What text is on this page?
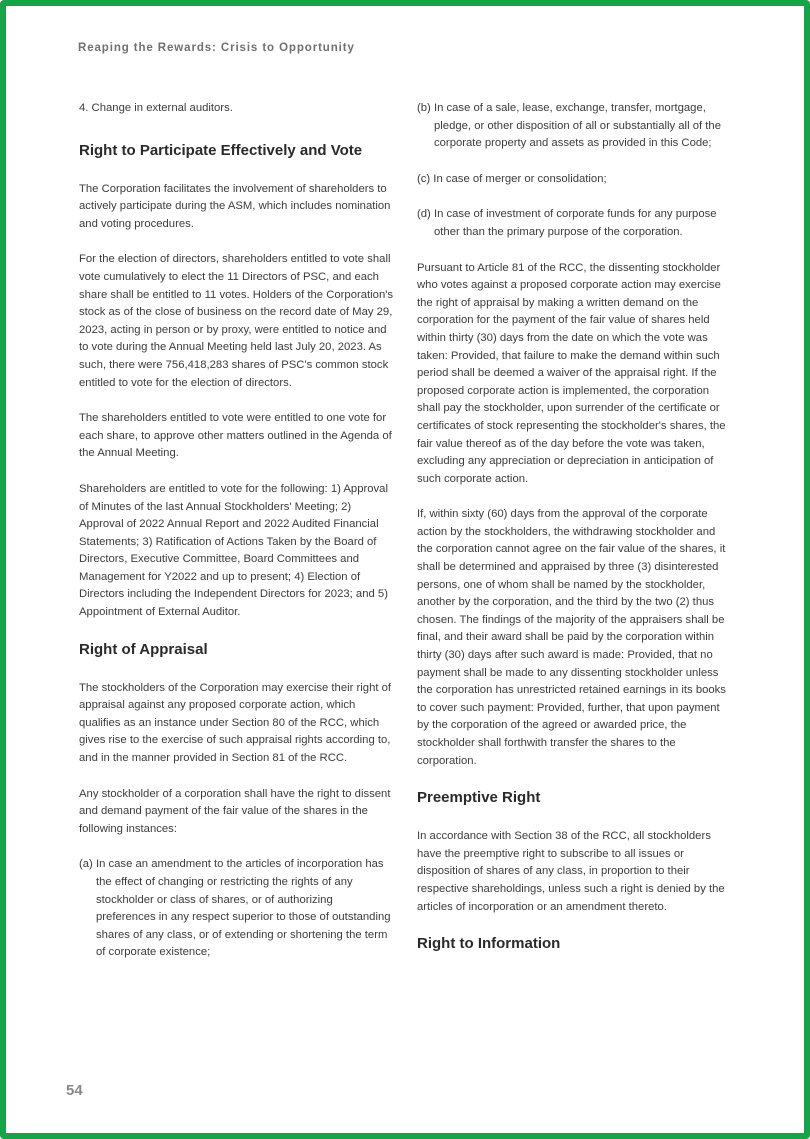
Reaping the Rewards: Crisis to Opportunity

4. Change in external auditors.

Right to Participate Effectively and Vote

The Corporation facilitates the involvement of shareholders to actively participate during the ASM, which includes nomination and voting procedures.

For the election of directors, shareholders entitled to vote shall vote cumulatively to elect the 11 Directors of PSC, and each share shall be entitled to 11 votes. Holders of the Corporation's stock as of the close of business on the record date of May 29, 2023, acting in person or by proxy, were entitled to notice and to vote during the Annual Meeting held last July 20, 2023. As such, there were 756,418,283 shares of PSC's common stock entitled to vote for the election of directors.

The shareholders entitled to vote were entitled to one vote for each share, to approve other matters outlined in the Agenda of the Annual Meeting.

Shareholders are entitled to vote for the following: 1) Approval of Minutes of the last Annual Stockholders' Meeting; 2) Approval of 2022 Annual Report and 2022 Audited Financial Statements; 3) Ratification of Actions Taken by the Board of Directors, Executive Committee, Board Committees and Management for Y2022 and up to present; 4) Election of Directors including the Independent Directors for 2023; and 5) Appointment of External Auditor.

Right of Appraisal

The stockholders of the Corporation may exercise their right of appraisal against any proposed corporate action, which qualifies as an instance under Section 80 of the RCC, which gives rise to the exercise of such appraisal rights according to, and in the manner provided in Section 81 of the RCC.

Any stockholder of a corporation shall have the right to dissent and demand payment of the fair value of the shares in the following instances:

(a) In case an amendment to the articles of incorporation has the effect of changing or restricting the rights of any stockholder or class of shares, or of authorizing preferences in any respect superior to those of outstanding shares of any class, or of extending or shortening the term of corporate existence;

(b) In case of a sale, lease, exchange, transfer, mortgage, pledge, or other disposition of all or substantially all of the corporate property and assets as provided in this Code;

(c) In case of merger or consolidation;

(d) In case of investment of corporate funds for any purpose other than the primary purpose of the corporation.

Pursuant to Article 81 of the RCC, the dissenting stockholder who votes against a proposed corporate action may exercise the right of appraisal by making a written demand on the corporation for the payment of the fair value of shares held within thirty (30) days from the date on which the vote was taken: Provided, that failure to make the demand within such period shall be deemed a waiver of the appraisal right. If the proposed corporate action is implemented, the corporation shall pay the stockholder, upon surrender of the certificate or certificates of stock representing the stockholder's shares, the fair value thereof as of the day before the vote was taken, excluding any appreciation or depreciation in anticipation of such corporate action.

If, within sixty (60) days from the approval of the corporate action by the stockholders, the withdrawing stockholder and the corporation cannot agree on the fair value of the shares, it shall be determined and appraised by three (3) disinterested persons, one of whom shall be named by the stockholder, another by the corporation, and the third by the two (2) thus chosen. The findings of the majority of the appraisers shall be final, and their award shall be paid by the corporation within thirty (30) days after such award is made: Provided, that no payment shall be made to any dissenting stockholder unless the corporation has unrestricted retained earnings in its books to cover such payment: Provided, further, that upon payment by the corporation of the agreed or awarded price, the stockholder shall forthwith transfer the shares to the corporation.

Preemptive Right

In accordance with Section 38 of the RCC, all stockholders have the preemptive right to subscribe to all issues or disposition of shares of any class, in proportion to their respective shareholdings, unless such a right is denied by the articles of incorporation or an amendment thereto.

Right to Information
54
